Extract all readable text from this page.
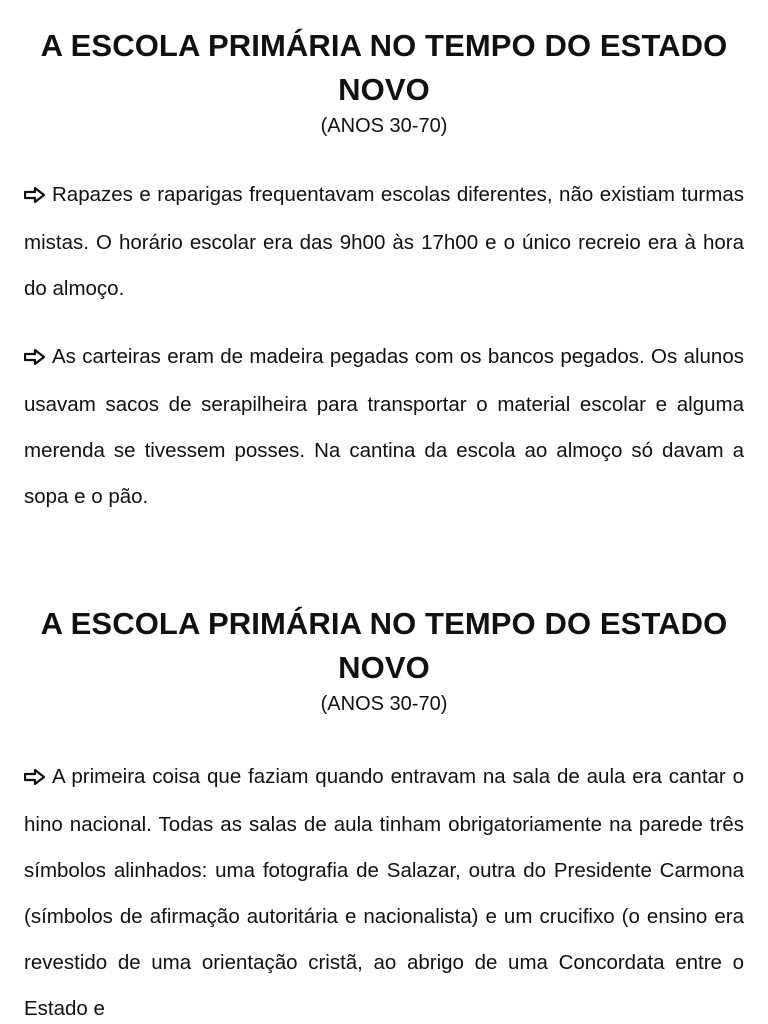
A ESCOLA PRIMÁRIA NO TEMPO DO ESTADO NOVO

(ANOS 30-70)

Rapazes e raparigas frequentavam escolas diferentes, não existiam turmas mistas. O horário escolar era das 9h00 às 17h00 e o único recreio era à hora do almoço.

As carteiras eram de madeira pegadas com os bancos pegados. Os alunos usavam sacos de serapilheira para transportar o material escolar e alguma merenda se tivessem posses. Na cantina da escola ao almoço só davam a sopa e o pão.

A ESCOLA PRIMÁRIA NO TEMPO DO ESTADO NOVO

(ANOS 30-70)

A primeira coisa que faziam quando entravam na sala de aula era cantar o hino nacional. Todas as salas de aula tinham obrigatoriamente na parede três símbolos alinhados: uma fotografia de Salazar, outra do Presidente Carmona (símbolos de afirmação autoritária e nacionalista) e um crucifixo (o ensino era revestido de uma orientação cristã, ao abrigo de uma Concordata entre o Estado e
